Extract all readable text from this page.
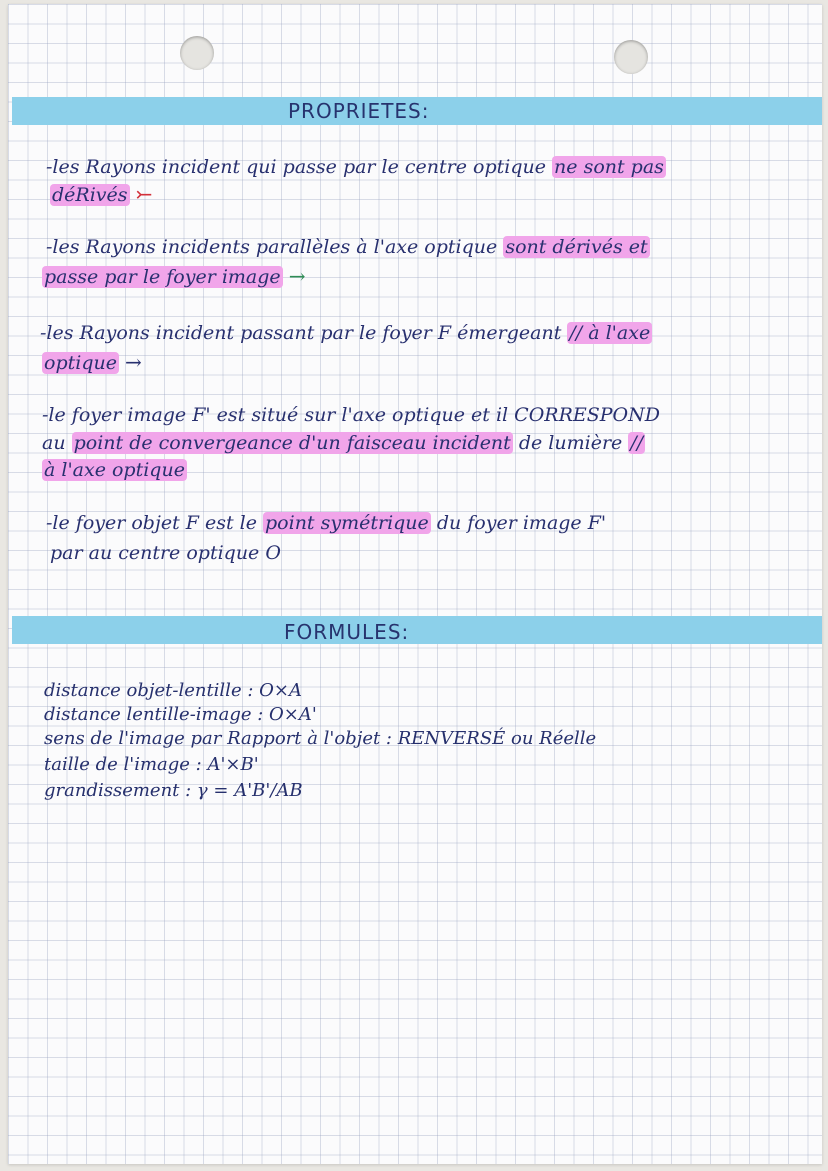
PROPRIETES:
-les Rayons incident qui passe par le centre optique ne sont pas
déRivés ⤚
-les Rayons incidents parallèles à l'axe optique sont dérivés et
passe par le foyer image →
-les Rayons incident passant par le foyer F émergeant // à l'axe
optique →
-le foyer image F' est situé sur l'axe optique et il CORRESPOND
au point de convergeance d'un faisceau incident de lumière //
à l'axe optique
-le foyer objet F est le point symétrique du foyer image F'
par au centre optique O
FORMULES:
distance objet-lentille : O×A
distance lentille-image : O×A'
sens de l'image par Rapport à l'objet : RENVERSÉ ou Réelle
taille de l'image : A'×B'
grandissement : γ = A'B'/AB
